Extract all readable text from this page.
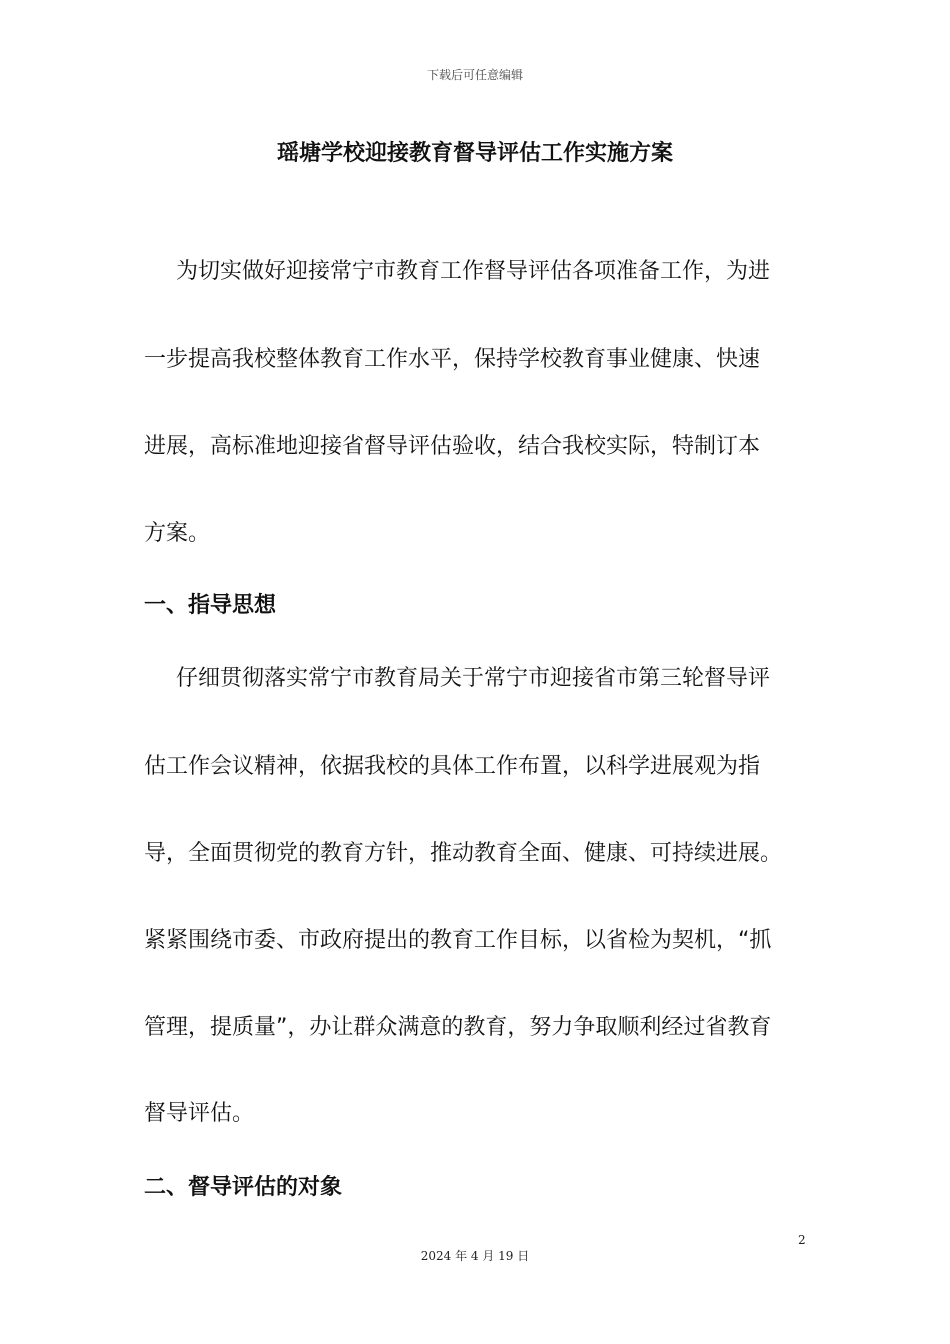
下载后可任意编辑
瑶塘学校迎接教育督导评估工作实施方案
为切实做好迎接常宁市教育工作督导评估各项准备工作，为进
一步提高我校整体教育工作水平，保持学校教育事业健康、快速
进展，高标准地迎接省督导评估验收，结合我校实际，特制订本
方案。
一、指导思想
仔细贯彻落实常宁市教育局关于常宁市迎接省市第三轮督导评
估工作会议精神，依据我校的具体工作布置，以科学进展观为指
导，全面贯彻党的教育方针，推动教育全面、健康、可持续进展。
紧紧围绕市委、市政府提出的教育工作目标，以省检为契机，“抓
管理，提质量”，办让群众满意的教育，努力争取顺利经过省教育
督导评估。
二、督导评估的对象
2
2024 年 4 月 19 日
